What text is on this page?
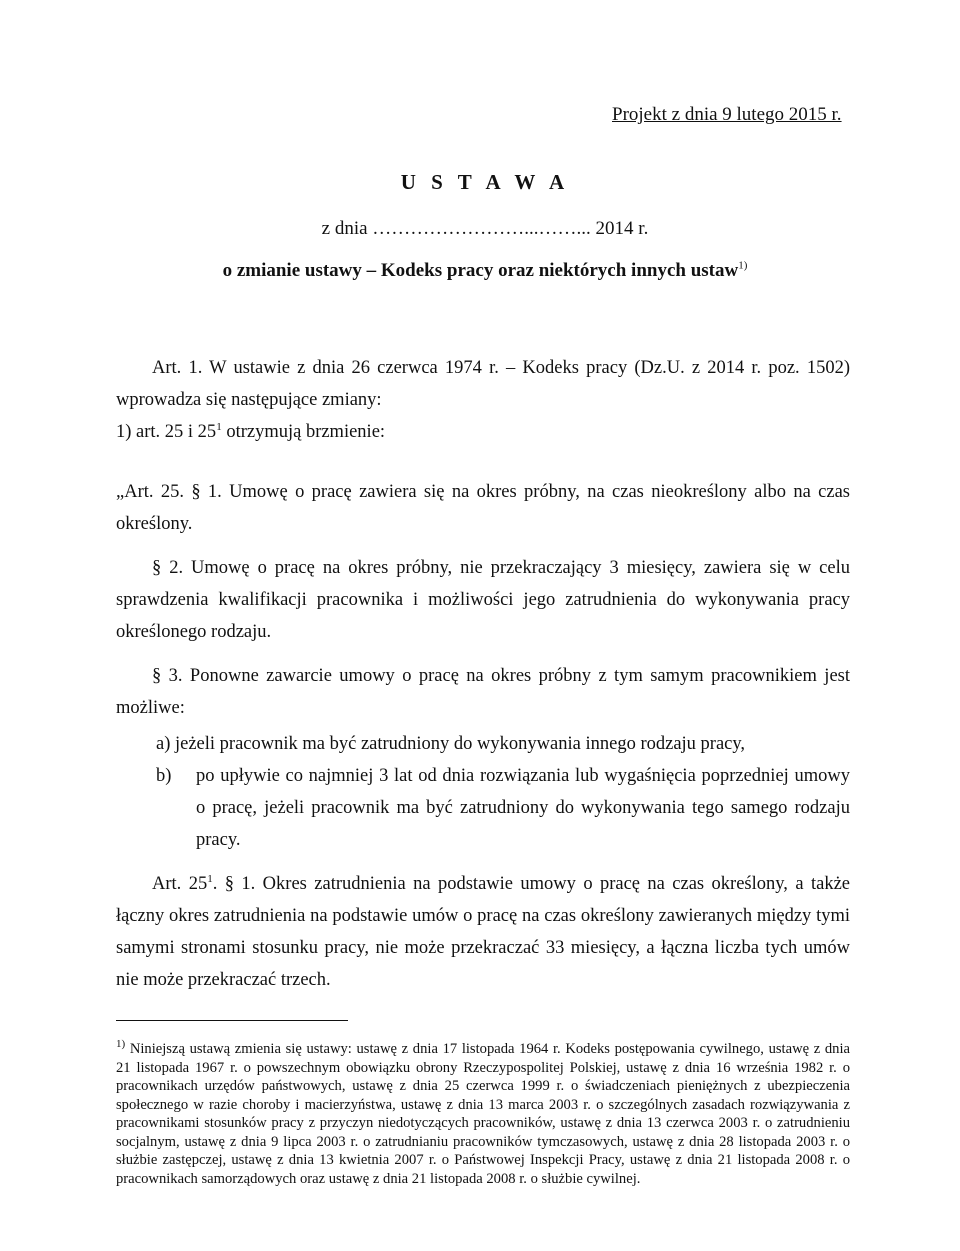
Projekt z dnia 9 lutego 2015 r.
U S T A W A
z dnia ……………………...……... 2014 r.
o zmianie ustawy – Kodeks pracy oraz niektórych innych ustaw$^{1)}$
Art. 1. W ustawie z dnia 26 czerwca 1974 r. – Kodeks pracy (Dz.U. z 2014 r. poz. 1502) wprowadza się następujące zmiany:
1) art. 25 i $25^1$ otrzymują brzmienie:
„Art. 25. § 1. Umowę o pracę zawiera się na okres próbny, na czas nieokreślony albo na czas określony.
§ 2. Umowę o pracę na okres próbny, nie przekraczający 3 miesięcy, zawiera się w celu sprawdzenia kwalifikacji pracownika i możliwości jego zatrudnienia do wykonywania pracy określonego rodzaju.
§ 3. Ponowne zawarcie umowy o pracę na okres próbny z tym samym pracownikiem jest możliwe:
a) jeżeli pracownik ma być zatrudniony do wykonywania innego rodzaju pracy,
b) po upływie co najmniej 3 lat od dnia rozwiązania lub wygaśnięcia poprzedniej umowy o pracę, jeżeli pracownik ma być zatrudniony do wykonywania tego samego rodzaju pracy.
Art. $25^1$. § 1. Okres zatrudnienia na podstawie umowy o pracę na czas określony, a także łączny okres zatrudnienia na podstawie umów o pracę na czas określony zawieranych między tymi samymi stronami stosunku pracy, nie może przekraczać 33 miesięcy, a łączna liczba tych umów nie może przekraczać trzech.
$^{1)}$ Niniejszą ustawą zmienia się ustawy: ustawę z dnia 17 listopada 1964 r. Kodeks postępowania cywilnego, ustawę z dnia 21 listopada 1967 r. o powszechnym obowiązku obrony Rzeczypospolitej Polskiej, ustawę z dnia 16 września 1982 r. o pracownikach urzędów państwowych, ustawę z dnia 25 czerwca 1999 r. o świadczeniach pieniężnych z ubezpieczenia społecznego w razie choroby i macierzyństwa, ustawę z dnia 13 marca 2003 r. o szczególnych zasadach rozwiązywania z pracownikami stosunków pracy z przyczyn niedotyczących pracowników, ustawę z dnia 13 czerwca 2003 r. o zatrudnieniu socjalnym, ustawę z dnia 9 lipca 2003 r. o zatrudnianiu pracowników tymczasowych, ustawę z dnia 28 listopada 2003 r. o służbie zastępczej, ustawę z dnia 13 kwietnia 2007 r. o Państwowej Inspekcji Pracy, ustawę z dnia 21 listopada 2008 r. o pracownikach samorządowych oraz ustawę z dnia 21 listopada 2008 r. o służbie cywilnej.
